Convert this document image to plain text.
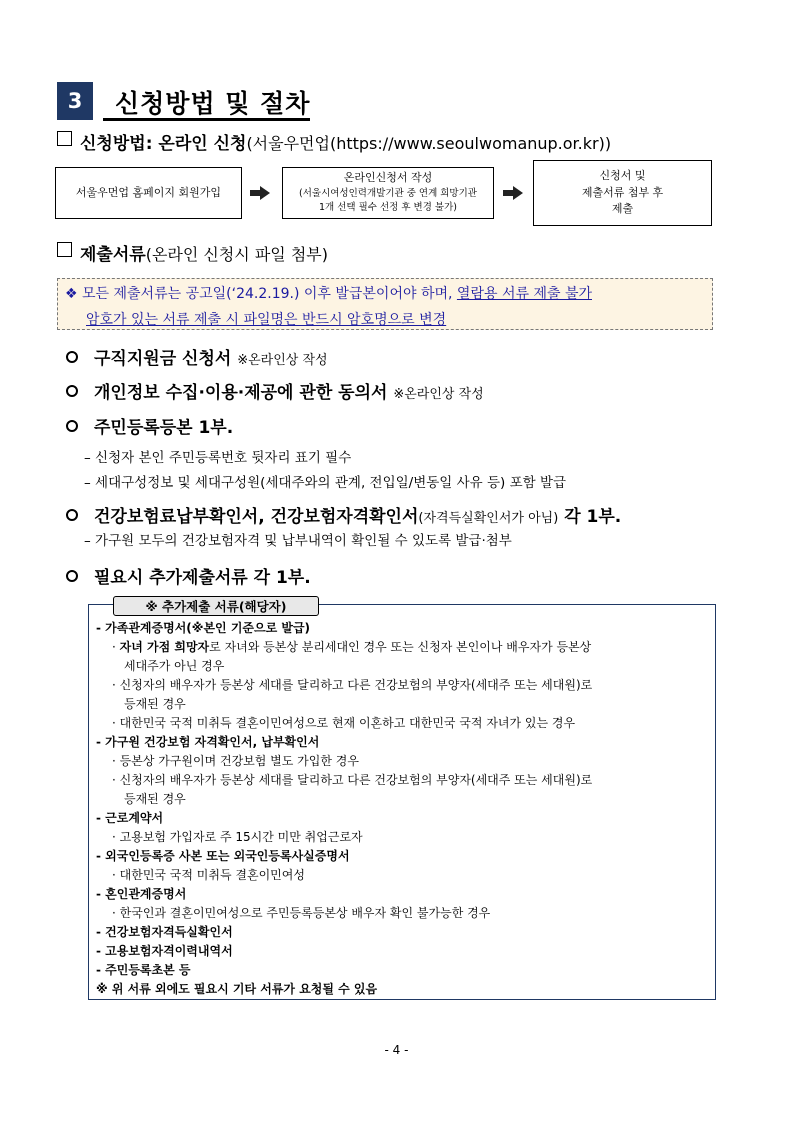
3	신청방법 및 절차
신청방법: 온라인 신청(서울우먼업(https://www.seoulwomanup.or.kr))
서울우먼업 홈페이지 회원가입
온라인신청서 작성
(서울시여성인력개발기관 중 연계 희망기관
1개 선택 필수 선정 후 변경 불가)
신청서 및
제출서류 첨부 후
제출
제출서류(온라인 신청시 파일 첨부)
❖ 모든 제출서류는 공고일(‘24.2.19.) 이후 발급본이어야 하며, 열람용 서류 제출 불가
암호가 있는 서류 제출 시 파일명은 반드시 암호명으로 변경
구직지원금 신청서 ※온라인상 작성
개인정보 수집·이용·제공에 관한 동의서 ※온라인상 작성
주민등록등본 1부.
– 신청자 본인 주민등록번호 뒷자리 표기 필수
– 세대구성정보 및 세대구성원(세대주와의 관계, 전입일/변동일 사유 등) 포함 발급
건강보험료납부확인서, 건강보험자격확인서(자격득실확인서가 아님) 각 1부.
– 가구원 모두의 건강보험자격 및 납부내역이 확인될 수 있도록 발급·첨부
필요시 추가제출서류 각 1부.
※ 추가제출 서류(해당자)
- 가족관계증명서(※본인 기준으로 발급)
· 자녀 가점 희망자로 자녀와 등본상 분리세대인 경우 또는 신청자 본인이나 배우자가 등본상
세대주가 아닌 경우
· 신청자의 배우자가 등본상 세대를 달리하고 다른 건강보험의 부양자(세대주 또는 세대원)로
등재된 경우
· 대한민국 국적 미취득 결혼이민여성으로 현재 이혼하고 대한민국 국적 자녀가 있는 경우
- 가구원 건강보험 자격확인서, 납부확인서
· 등본상 가구원이며 건강보험 별도 가입한 경우
· 신청자의 배우자가 등본상 세대를 달리하고 다른 건강보험의 부양자(세대주 또는 세대원)로
등재된 경우
- 근로계약서
· 고용보험 가입자로 주 15시간 미만 취업근로자
- 외국인등록증 사본 또는 외국인등록사실증명서
· 대한민국 국적 미취득 결혼이민여성
- 혼인관계증명서
· 한국인과 결혼이민여성으로 주민등록등본상 배우자 확인 불가능한 경우
- 건강보험자격득실확인서
- 고용보험자격이력내역서
- 주민등록초본 등
※ 위 서류 외에도 필요시 기타 서류가 요청될 수 있음
- 4 -
